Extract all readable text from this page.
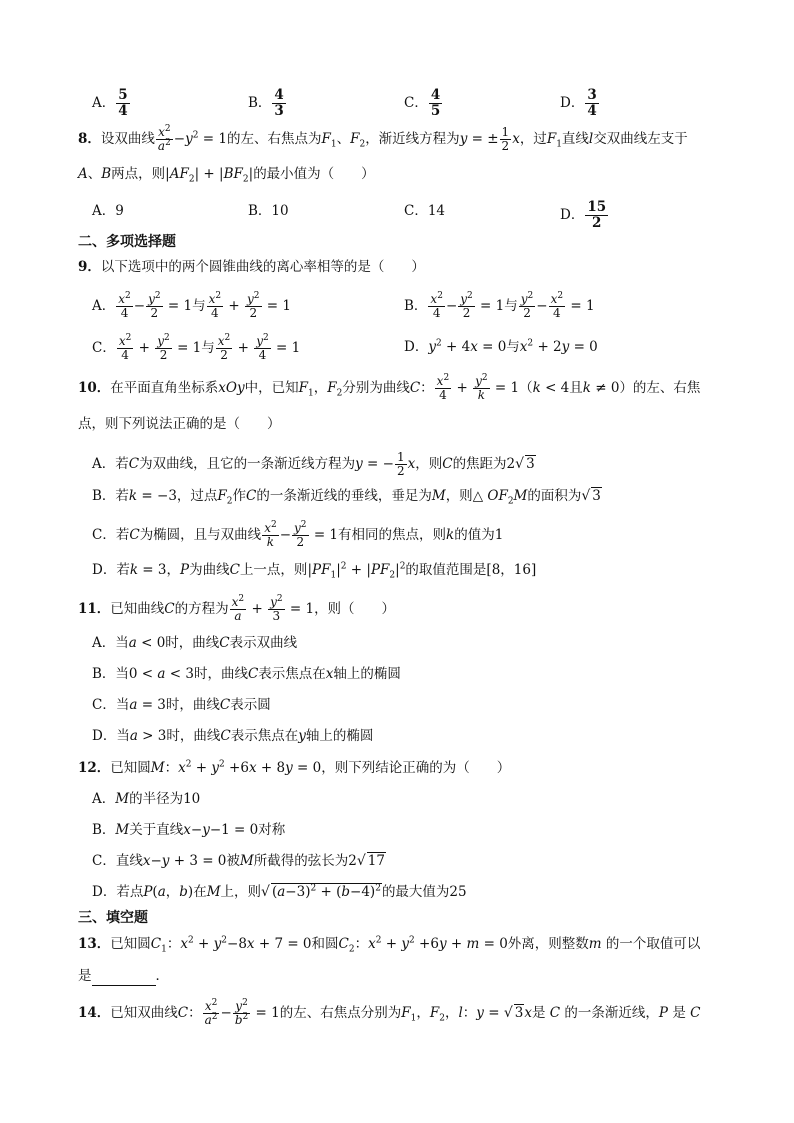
A． $\frac{5}{4}$	B． $\frac{4}{3}$	C． $\frac{4}{5}$	D． $\frac{3}{4}$
8．设双曲线 $\frac{x^2}{a^2} -y^2 = 1$的左、右焦点为$F_1$、$F_2$，渐近线方程为y = ± $\frac{1}{2}$ x，过$F_1$直线l交双曲线左支于
A、B两点，则$|AF_2| + |BF_2|$的最小值为（　　）
A．9	B．10	C．14	D． $\frac{15}{2}$
二、多项选择题
9．以下选项中的两个圆锥曲线的离心率相等的是（　　）
A． $\frac{x^2}{4} - \frac{y^2}{2} = 1$与 $\frac{x^2}{4} + \frac{y^2}{2} = 1$	B． $\frac{x^2}{4} - \frac{y^2}{2} = 1$与 $\frac{y^2}{2} - \frac{x^2}{4} = 1$
C． $\frac{x^2}{4} + \frac{y^2}{2} = 1$与 $\frac{x^2}{2} + \frac{y^2}{4} = 1$	D．$y^2 + 4x = 0$与$x^2 + 2y = 0$
10．在平面直角坐标系xOy中，已知$F_1$，$F_2$分别为曲线C： $\frac{x^2}{4} + \frac{y^2}{k} = 1(k < 4$且k ≠ 0）的左、右焦
点，则下列说法正确的是（　　）
A．若C为双曲线，且它的一条渐近线方程为y = − $\frac{1}{2}$ x，则C的焦距为2√ 3
B．若k = −3，过点$F_2$作C的一条渐近线的垂线，垂足为M，则△ $OF_2M$的面积为√ 3
C．若C为椭圆，且与双曲线 $\frac{x^2}{k} - \frac{y^2}{2} = 1$有相同的焦点，则k的值为1
D．若k = 3，P为曲线C上一点，则$|PF_1|^2 + |PF_2|^2$的取值范围是[8，16]
11．已知曲线C的方程为 $\frac{x^2}{a} + \frac{y^2}{3} = 1$，则（　　）
A．当a < 0时，曲线C表示双曲线
B．当0 < a < 3时，曲线C表示焦点在x轴上的椭圆
C．当a = 3时，曲线C表示圆
D．当a > 3时，曲线C表示焦点在y轴上的椭圆
12．已知圆M：$x^2 + y^2 +6x + 8y = 0$，则下列结论正确的为（　　）
A．M的半径为10
B．M关于直线x−y−1 = 0对称
C．直线x−y + 3 = 0被M所截得的弦长为2√ 17
D．若点P(a，b)在M上，则√ $(a-3)^2 + (b-4)^2$的最大值为25
三、填空题
13．已知圆$C_1$：$x^2 + y^2-8x + 7 = 0$和圆$C_2$：$x^2 + y^2 +6y + m = 0$外离，则整数m 的一个取值可以
是	．
14．已知双曲线C： $\frac{x^2}{a^2} - \frac{y^2}{b^2} = 1$的左、右焦点分别为$F_1$，$F_2$，l：y = √ 3x是 C 的一条渐近线，P 是 C
